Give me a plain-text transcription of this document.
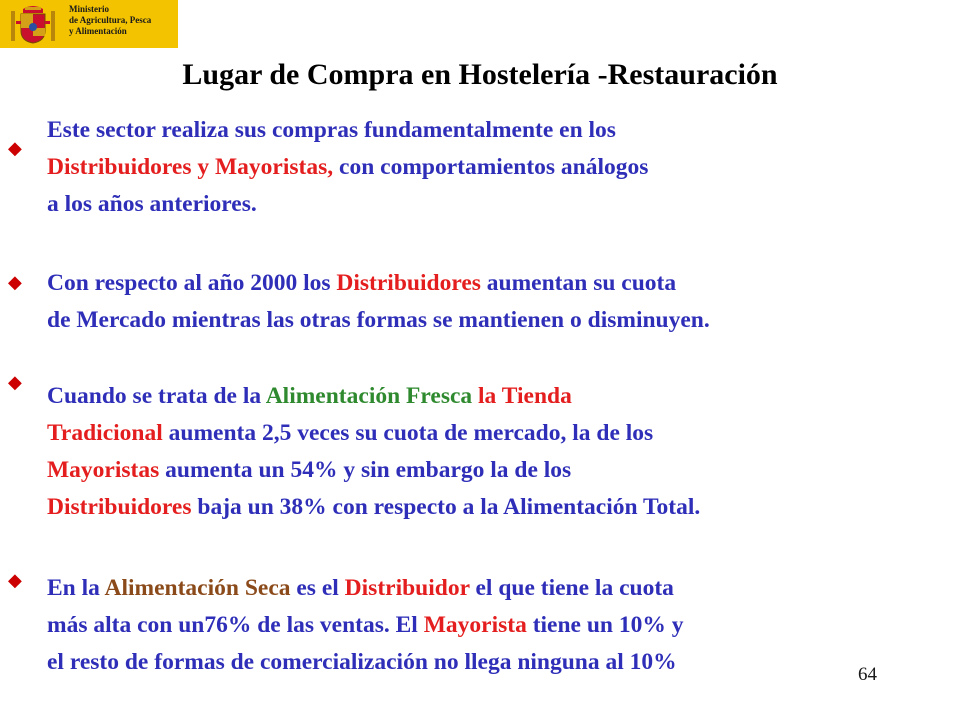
Ministerio
de Agricultura, Pesca
y Alimentación
Lugar de Compra en Hostelería -Restauración
◆
Este sector realiza sus compras fundamentalmente en los
Distribuidores y Mayoristas, con comportamientos análogos
a los años anteriores.
◆ Con respecto al año 2000 los Distribuidores aumentan su cuota
de Mercado mientras las otras formas se mantienen o disminuyen.
◆
Cuando se trata de la Alimentación Fresca la Tienda
Tradicional aumenta 2,5 veces su cuota de mercado, la de los
Mayoristas aumenta un 54% y sin embargo la de los
Distribuidores baja un 38% con respecto a la Alimentación Total.
◆ En la Alimentación Seca es el Distribuidor el que tiene la cuota
más alta con un76% de las ventas. El Mayorista tiene un 10% y
el resto de formas de comercialización no llega ninguna al 10%	64
